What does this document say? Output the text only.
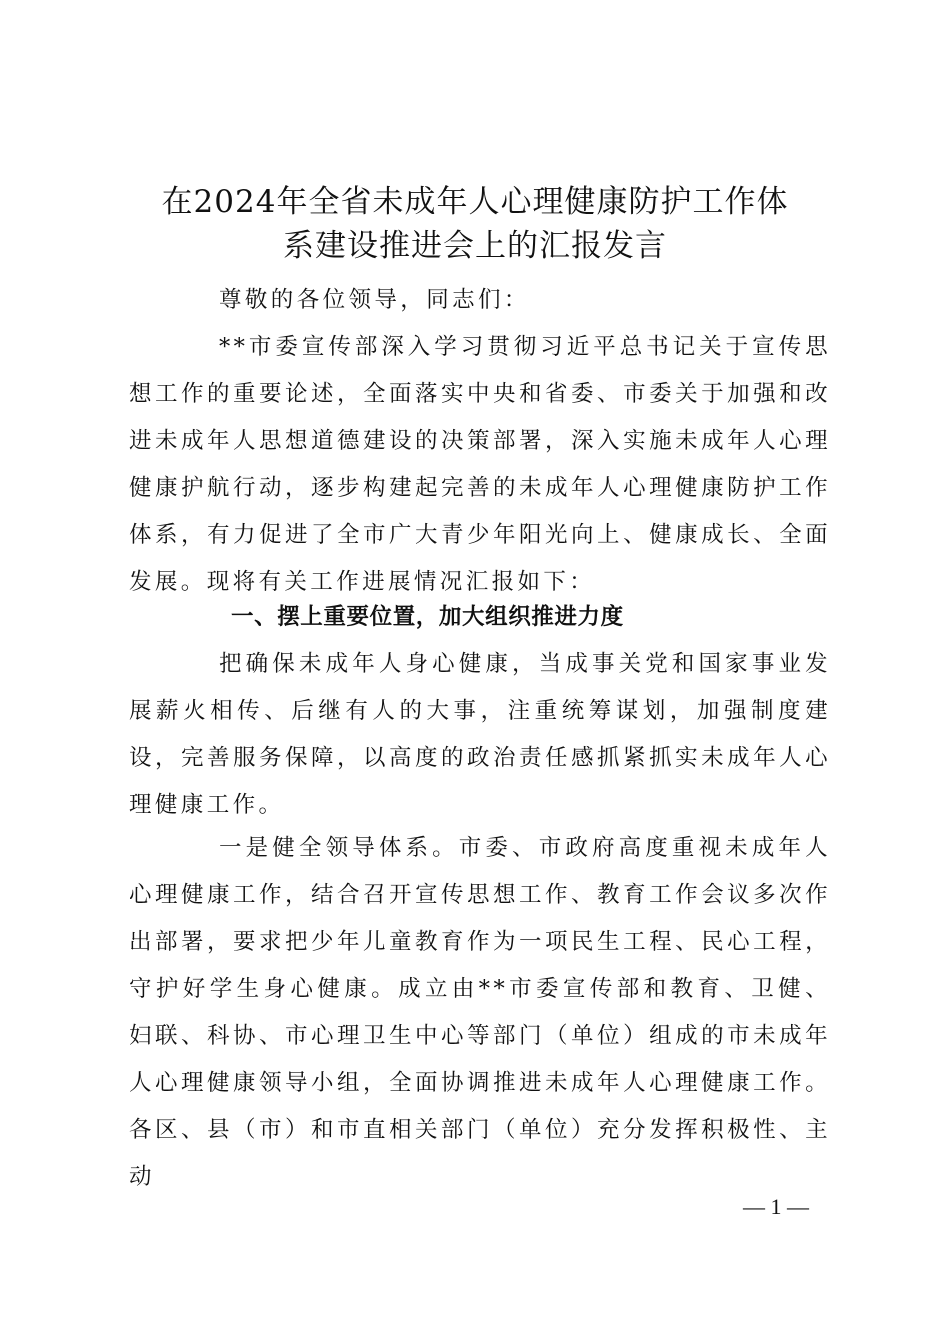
在2024年全省未成年人心理健康防护工作体
系建设推进会上的汇报发言

尊敬的各位领导，同志们：

**市委宣传部深入学习贯彻习近平总书记关于宣传思想工作的重要论述，全面落实中央和省委、市委关于加强和改进未成年人思想道德建设的决策部署，深入实施未成年人心理健康护航行动，逐步构建起完善的未成年人心理健康防护工作体系，有力促进了全市广大青少年阳光向上、健康成长、全面发展。现将有关工作进展情况汇报如下：

一、摆上重要位置，加大组织推进力度

把确保未成年人身心健康，当成事关党和国家事业发展薪火相传、后继有人的大事，注重统筹谋划，加强制度建设，完善服务保障，以高度的政治责任感抓紧抓实未成年人心理健康工作。

一是健全领导体系。市委、市政府高度重视未成年人心理健康工作，结合召开宣传思想工作、教育工作会议多次作出部署，要求把少年儿童教育作为一项民生工程、民心工程，守护好学生身心健康。成立由**市委宣传部和教育、卫健、妇联、科协、市心理卫生中心等部门（单位）组成的市未成年人心理健康领导小组，全面协调推进未成年人心理健康工作。各区、县（市）和市直相关部门（单位）充分发挥积极性、主动

— 1 —
